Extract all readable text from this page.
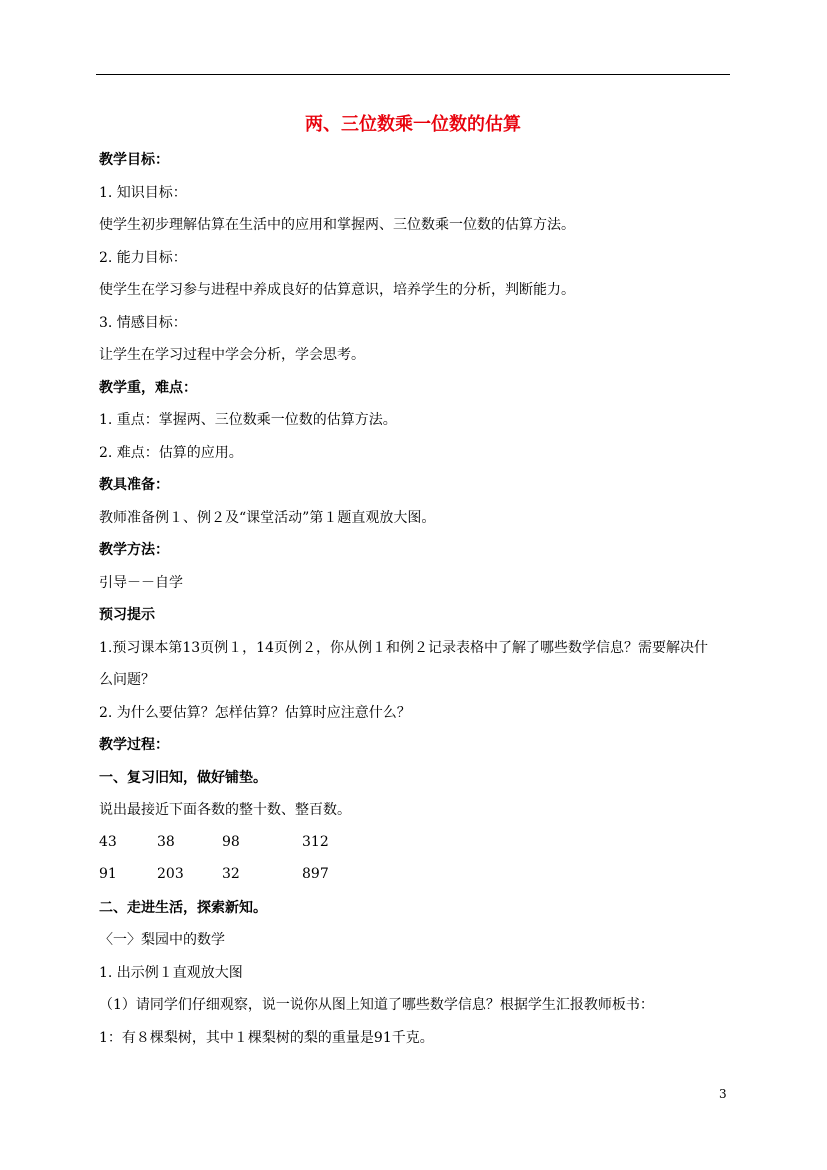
两、三位数乘一位数的估算
教学目标：
1. 知识目标：
使学生初步理解估算在生活中的应用和掌握两、三位数乘一位数的估算方法。
2. 能力目标：
使学生在学习参与进程中养成良好的估算意识，培养学生的分析，判断能力。
3. 情感目标：
让学生在学习过程中学会分析，学会思考。
教学重，难点：
1. 重点：掌握两、三位数乘一位数的估算方法。
2. 难点：估算的应用。
教具准备：
教师准备例１、例２及“课堂活动”第１题直观放大图。
教学方法：
引导－－自学
预习提示
1.预习课本第13页例１，14页例２，你从例１和例２记录表格中了解了哪些数学信息？需要解决什
么问题？
2. 为什么要估算？怎样估算？估算时应注意什么？
教学过程：
一、复习旧知，做好铺垫。
说出最接近下面各数的整十数、整百数。
43	38	98	312
91	203	32	897
二、走进生活，探索新知。
〈一〉梨园中的数学
1. 出示例１直观放大图
（1）请同学们仔细观察，说一说你从图上知道了哪些数学信息？根据学生汇报教师板书：
1：有８棵梨树，其中１棵梨树的梨的重量是91千克。
3
